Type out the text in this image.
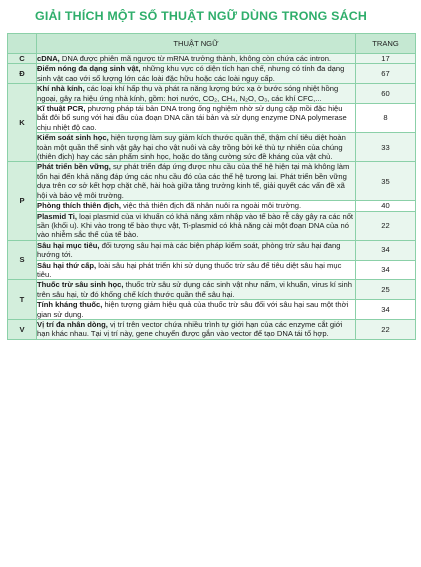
GIẢI THÍCH MỘT SỐ THUẬT NGỮ DÙNG TRONG SÁCH
	THUẬT NGỮ	TRANG
C	cDNA, DNA được phiên mã ngược từ mRNA trưởng thành, không còn chứa các intron.	17
Đ	Điểm nóng đa dạng sinh vật, những khu vực có diện tích hạn chế, nhưng có tính đa dạng sinh vật cao với số lượng lớn các loài đặc hữu hoặc các loài nguy cấp.	67
K	Khí nhà kính, các loại khí hấp thụ và phát ra năng lượng bức xạ ở bước sóng nhiệt hồng ngoại, gây ra hiệu ứng nhà kính, gồm: hơi nước, CO₂, CH₄, N₂O, O₃, các khí CFC,...	60
	Kĩ thuật PCR, phương pháp tái bản DNA trong ống nghiệm nhờ sử dụng cặp mồi đặc hiệu bắt đôi bổ sung với hai đầu của đoạn DNA cần tái bản và sử dụng enzyme DNA polymerase chịu nhiệt độ cao.	8
	Kiểm soát sinh học, hiện tượng làm suy giảm kích thước quần thể, thậm chí tiêu diệt hoàn toàn một quần thể sinh vật gây hại cho vật nuôi và cây trồng bởi kẻ thù tự nhiên của chúng (thiên địch) hay các sản phẩm sinh học, hoặc do tăng cường sức đề kháng của vật chủ.	33
P	Phát triển bền vững, sự phát triển đáp ứng được nhu cầu của thế hệ hiện tại mà không làm tổn hại đến khả năng đáp ứng các nhu cầu đó của các thế hệ tương lai. Phát triển bền vững dựa trên cơ sở kết hợp chặt chẽ, hài hoà giữa tăng trưởng kinh tế, giải quyết các vấn đề xã hội và bảo vệ môi trường.	35
	Phòng thích thiên địch, việc thả thiên địch đã nhân nuôi ra ngoài môi trường.	40
	Plasmid Ti, loại plasmid của vi khuẩn có khả năng xâm nhập vào tế bào rễ cây gây ra các nốt sần (khối u). Khi vào trong tế bào thực vật, Ti-plasmid có khả năng cài một đoạn DNA của nó vào nhiễm sắc thể của tế bào.	22
S	Sâu hại mục tiêu, đối tượng sâu hại mà các biện pháp kiểm soát, phòng trừ sâu hại đang hướng tới.	34
	Sâu hại thứ cấp, loài sâu hại phát triển khi sử dụng thuốc trừ sâu để tiêu diệt sâu hại mục tiêu.	34
T	Thuốc trừ sâu sinh học, thuốc trừ sâu sử dụng các sinh vật như nấm, vi khuẩn, virus kí sinh trên sâu hại, từ đó khống chế kích thước quần thể sâu hại.	25
	Tính kháng thuốc, hiện tượng giảm hiệu quả của thuốc trừ sâu đối với sâu hại sau một thời gian sử dụng.	34
V	Vị trí đa nhân dòng, vị trí trên vector chứa nhiều trình tự giới hạn của các enzyme cắt giới hạn khác nhau. Tại vị trí này, gene chuyển được gắn vào vector để tạo DNA tái tổ hợp.	22
